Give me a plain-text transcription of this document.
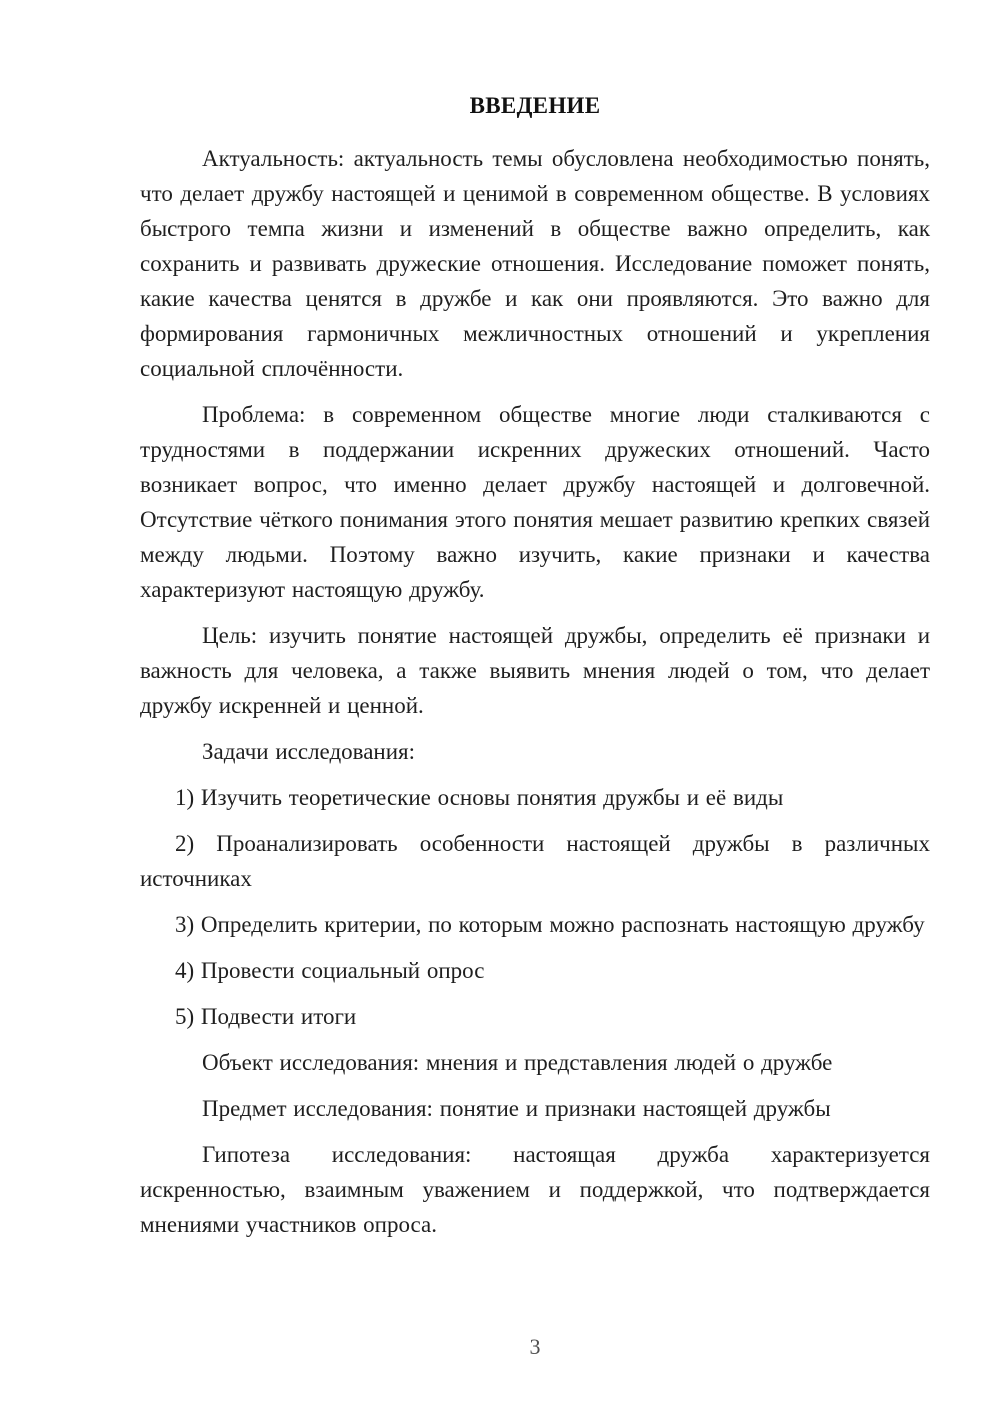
ВВЕДЕНИЕ

Актуальность: актуальность темы обусловлена необходимостью понять, что делает дружбу настоящей и ценимой в современном обществе. В условиях быстрого темпа жизни и изменений в обществе важно определить, как сохранить и развивать дружеские отношения. Исследование поможет понять, какие качества ценятся в дружбе и как они проявляются. Это важно для формирования гармоничных межличностных отношений и укрепления социальной сплочённости.

Проблема: в современном обществе многие люди сталкиваются с трудностями в поддержании искренних дружеских отношений. Часто возникает вопрос, что именно делает дружбу настоящей и долговечной. Отсутствие чёткого понимания этого понятия мешает развитию крепких связей между людьми. Поэтому важно изучить, какие признаки и качества характеризуют настоящую дружбу.

Цель: изучить понятие настоящей дружбы, определить её признаки и важность для человека, а также выявить мнения людей о том, что делает дружбу искренней и ценной.

Задачи исследования:

1) Изучить теоретические основы понятия дружбы и её виды

2) Проанализировать особенности настоящей дружбы в различных источниках

3) Определить критерии, по которым можно распознать настоящую дружбу

4) Провести социальный опрос

5) Подвести итоги

Объект исследования: мнения и представления людей о дружбе

Предмет исследования: понятие и признаки настоящей дружбы

Гипотеза исследования: настоящая дружба характеризуется искренностью, взаимным уважением и поддержкой, что подтверждается мнениями участников опроса.

3
